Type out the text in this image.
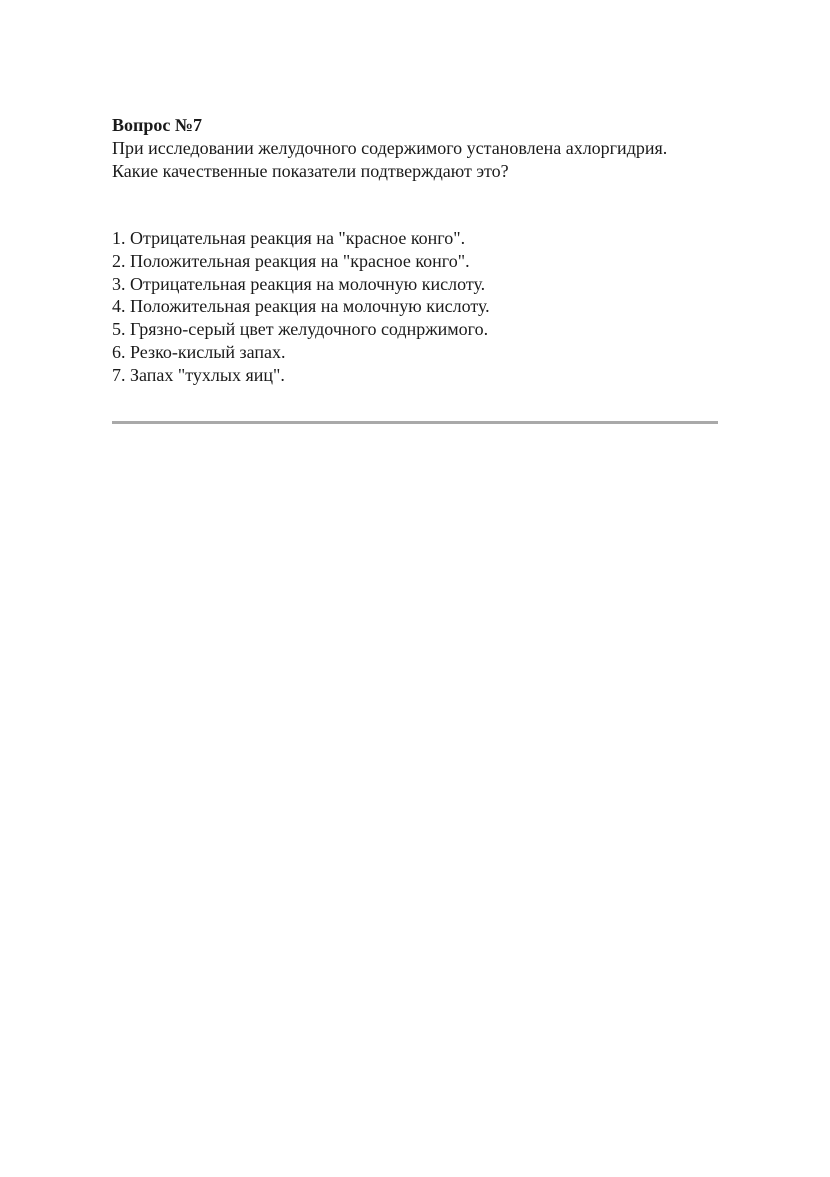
Вопрос №7

При исследовании желудочного содержимого установлена ахлоргидрия. Какие качественные показатели подтверждают это?

1. Отрицательная реакция на "красное конго".
2. Положительная реакция на "красное конго".
3. Отрицательная реакция на молочную кислоту.
4. Положительная реакция на молочную кислоту.
5. Грязно-серый цвет желудочного соднржимого.
6. Резко-кислый запах.
7. Запах "тухлых яиц".
